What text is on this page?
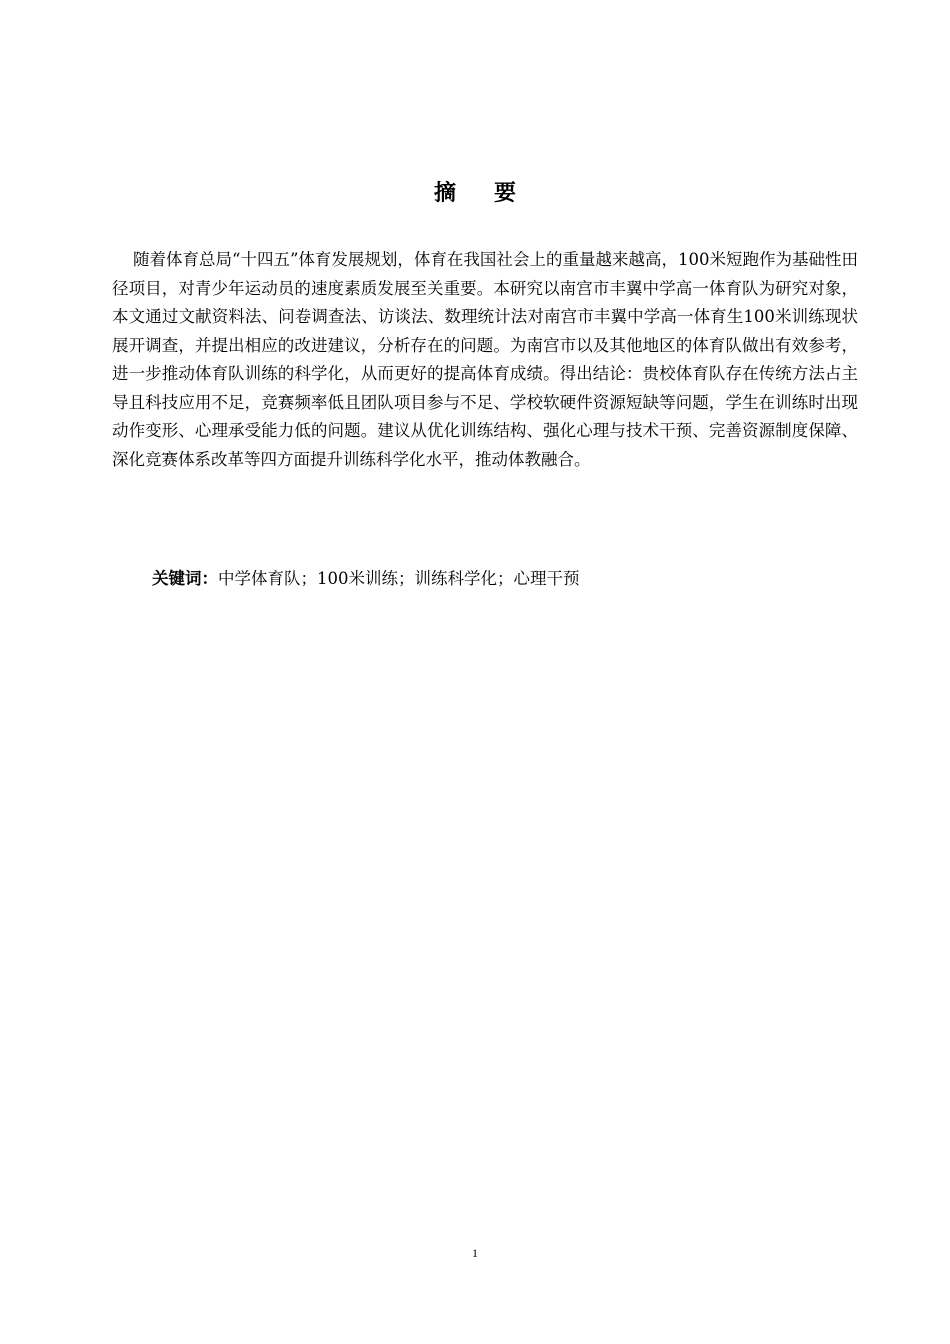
摘要

随着体育总局“十四五”体育发展规划，体育在我国社会上的重量越来越高，100米短跑作为基础性田径项目，对青少年运动员的速度素质发展至关重要。本研究以南宫市丰翼中学高一体育队为研究对象，本文通过文献资料法、问卷调查法、访谈法、数理统计法对南宫市丰翼中学高一体育生100米训练现状展开调查，并提出相应的改进建议，分析存在的问题。为南宫市以及其他地区的体育队做出有效参考，进一步推动体育队训练的科学化，从而更好的提高体育成绩。得出结论：贵校体育队存在传统方法占主导且科技应用不足，竞赛频率低且团队项目参与不足、学校软硬件资源短缺等问题，学生在训练时出现动作变形、心理承受能力低的问题。建议从优化训练结构、强化心理与技术干预、完善资源制度保障、深化竞赛体系改革等四方面提升训练科学化水平，推动体教融合。

关键词：中学体育队；100米训练；训练科学化；心理干预

1
